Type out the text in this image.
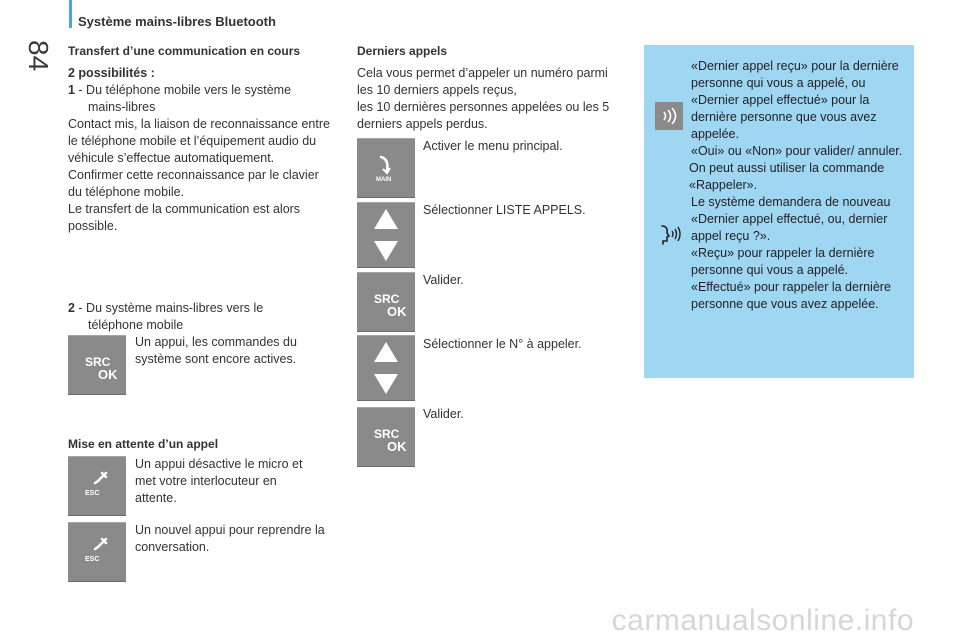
Système mains-libres Bluetooth
84 Transfert d’une communication en cours
2 possibilités :
1 - Du téléphone mobile vers le système mains-libres
Contact mis, la liaison de reconnaissance entre le téléphone mobile et l’équipement audio du véhicule s’effectue automatiquement.
Confirmer cette reconnaissance par le clavier du téléphone mobile.
Le transfert de la communication est alors possible.
2 - Du système mains-libres vers le téléphone mobile
SRC
OK
Un appui, les commandes du système sont encore actives.
Mise en attente d’un appel
ESC
Un appui désactive le micro et met votre interlocuteur en attente.
ESC
Un nouvel appui pour reprendre la conversation.
Derniers appels
Cela vous permet d’appeler un numéro parmi les 10 derniers appels reçus,
les 10 dernières personnes appelées ou les 5 derniers appels perdus.
MAIN
Activer le menu principal.
Sélectionner LISTE APPELS.
SRC
OK
Valider.
Sélectionner le N° à appeler.
SRC
OK
Valider.
«Dernier appel reçu» pour la dernière personne qui vous a appelé, ou
«Dernier appel effectué» pour la dernière personne que vous avez appelée.
«Oui» ou «Non» pour valider/ annuler.
On peut aussi utiliser la commande «Rappeler».
Le système demandera de nouveau «Dernier appel effectué, ou, dernier appel reçu ?».
«Reçu» pour rappeler la dernière personne qui vous a appelé.
«Effectué» pour rappeler la dernière personne que vous avez appelée.
carmanualsonline.info
